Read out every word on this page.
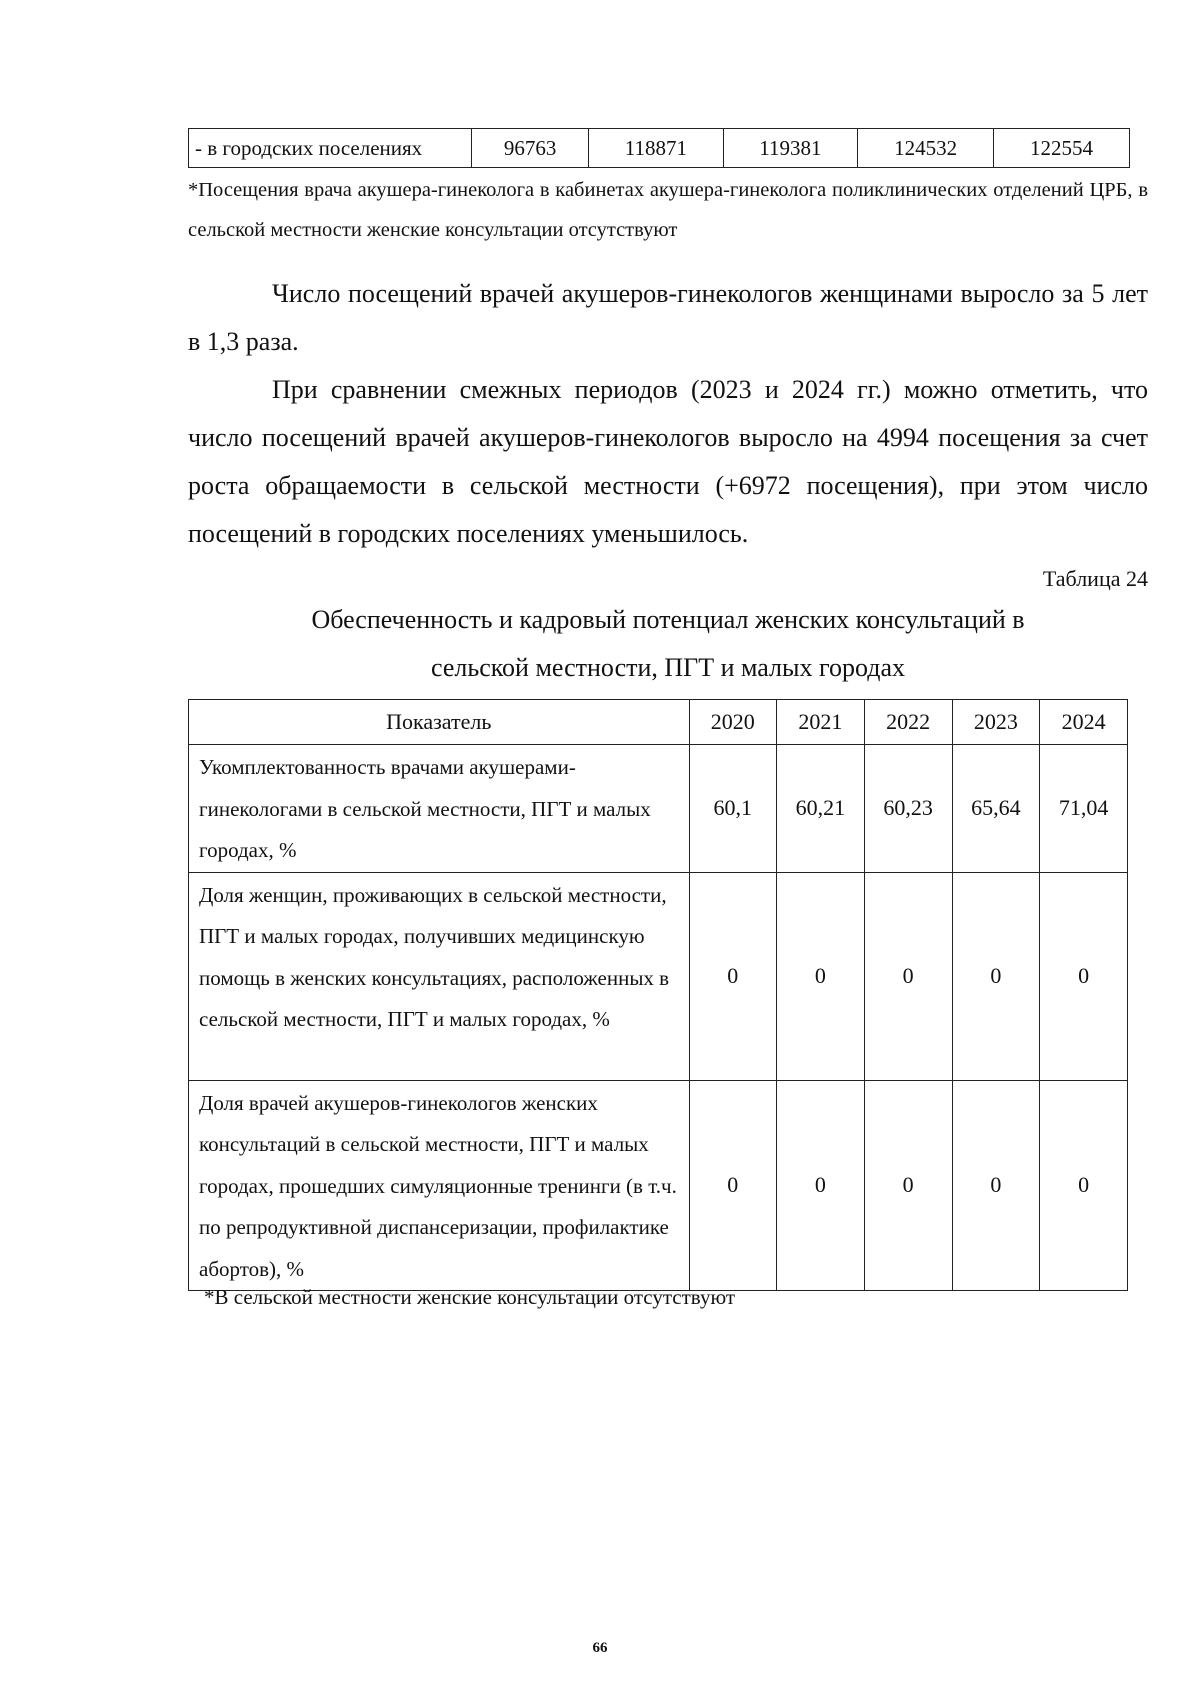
- в городских поселениях	96763	118871	119381	124532	122554
*Посещения врача акушера-гинеколога в кабинетах акушера-гинеколога поликлинических отделений ЦРБ, в сельской местности женские консультации отсутствуют

Число посещений врачей акушеров-гинекологов женщинами выросло за 5 лет в 1,3 раза.

При сравнении смежных периодов (2023 и 2024 гг.) можно отметить, что число посещений врачей акушеров-гинекологов выросло на 4994 посещения за счет роста обращаемости в сельской местности (+6972 посещения), при этом число посещений в городских поселениях уменьшилось.

Таблица 24
Обеспеченность и кадровый потенциал женских консультаций в
сельской местности, ПГТ и малых городах
Показатель	2020	2021	2022	2023	2024
Укомплектованность врачами акушерами-гинекологами в сельской местности, ПГТ и малых городах, %	60,1	60,21	60,23	65,64	71,04
Доля женщин, проживающих в сельской местности, ПГТ и малых городах, получивших медицинскую помощь в женских консультациях, расположенных в сельской местности, ПГТ и малых городах, %	0	0	0	0	0
Доля врачей акушеров-гинекологов женских консультаций в сельской местности, ПГТ и малых городах, прошедших симуляционные тренинги (в т.ч. по репродуктивной диспансеризации, профилактике абортов), %	0	0	0	0	0
*В сельской местности женские консультации отсутствуют
66
